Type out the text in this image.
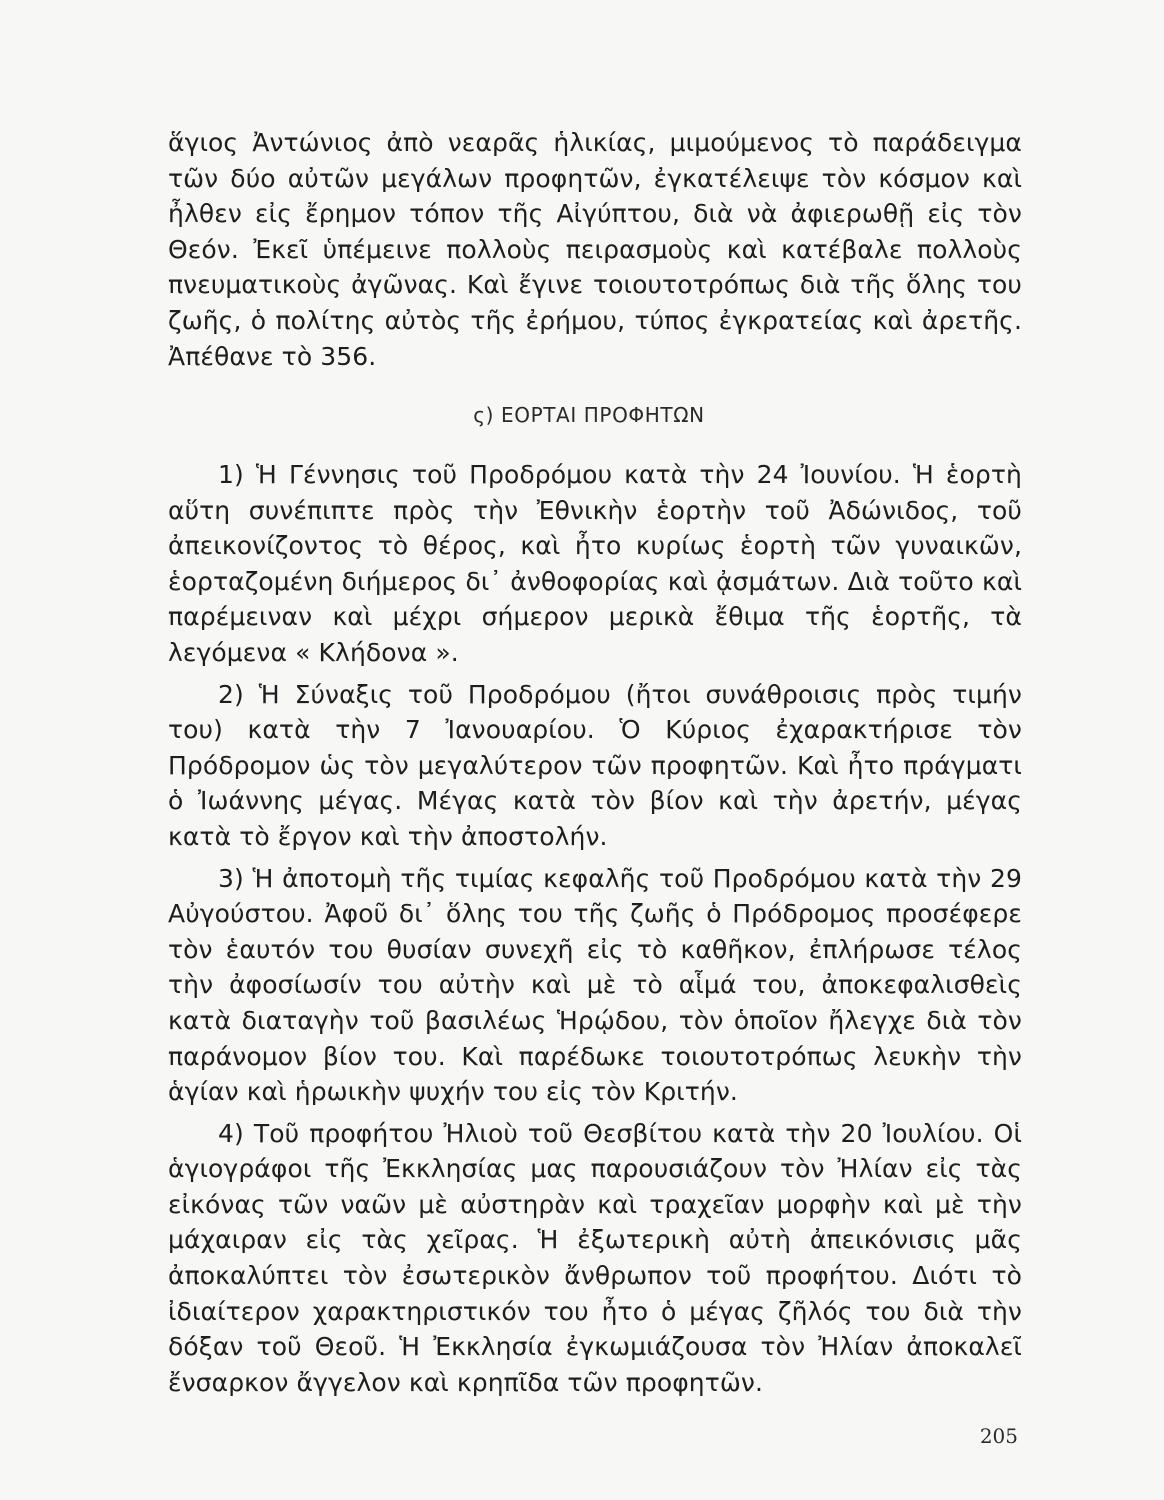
ἅγιος Ἀντώνιος ἀπὸ νεαρᾶς ἡλικίας, μιμούμενος τὸ παράδειγμα τῶν δύο αὐτῶν μεγάλων προφητῶν, ἐγκατέλειψε τὸν κόσμον καὶ ἦλθεν εἰς ἔρημον τόπον τῆς Αἰγύπτου, διὰ νὰ ἀφιερωθῇ εἰς τὸν Θεόν. Ἐκεῖ ὑπέμεινε πολλοὺς πειρασμοὺς καὶ κατέβαλε πολλοὺς πνευματικοὺς ἀγῶνας. Καὶ ἔγινε τοιουτοτρόπως διὰ τῆς ὅλης του ζωῆς, ὁ πολίτης αὐτὸς τῆς ἐρήμου, τύπος ἐγκρατείας καὶ ἀρετῆς. Ἀπέθανε τὸ 356.

ς) ΕΟΡΤΑΙ ΠΡΟΦΗΤΩΝ

1) Ἡ Γέννησις τοῦ Προδρόμου κατὰ τὴν 24 Ἰουνίου. Ἡ ἑορτὴ αὕτη συνέπιπτε πρὸς τὴν Ἐθνικὴν ἑορτὴν τοῦ Ἀδώνιδος, τοῦ ἀπεικονίζοντος τὸ θέρος, καὶ ἦτο κυρίως ἑορτὴ τῶν γυναικῶν, ἑορταζομένη διήμερος δι᾿ ἀνθοφορίας καὶ ᾀσμάτων. Διὰ τοῦτο καὶ παρέμειναν καὶ μέχρι σήμερον μερικὰ ἔθιμα τῆς ἑορτῆς, τὰ λεγόμενα « Κλήδονα ».

2) Ἡ Σύναξις τοῦ Προδρόμου (ἤτοι συνάθροισις πρὸς τιμήν του) κατὰ τὴν 7 Ἰανουαρίου. Ὁ Κύριος ἐχαρακτήρισε τὸν Πρόδρομον ὡς τὸν μεγαλύτερον τῶν προφητῶν. Καὶ ἦτο πράγματι ὁ Ἰωάννης μέγας. Μέγας κατὰ τὸν βίον καὶ τὴν ἀρετήν, μέγας κατὰ τὸ ἔργον καὶ τὴν ἀποστολήν.

3) Ἡ ἀποτομὴ τῆς τιμίας κεφαλῆς τοῦ Προδρόμου κατὰ τὴν 29 Αὐγούστου. Ἀφοῦ δι᾿ ὅλης του τῆς ζωῆς ὁ Πρόδρομος προσέφερε τὸν ἑαυτόν του θυσίαν συνεχῆ εἰς τὸ καθῆκον, ἐπλήρωσε τέλος τὴν ἀφοσίωσίν του αὐτὴν καὶ μὲ τὸ αἷμά του, ἀποκεφαλισθεὶς κατὰ διαταγὴν τοῦ βασιλέως Ἡρῴδου, τὸν ὁποῖον ἤλεγχε διὰ τὸν παράνομον βίον του. Καὶ παρέδωκε τοιουτοτρόπως λευκὴν τὴν ἁγίαν καὶ ἡρωικὴν ψυχήν του εἰς τὸν Κριτήν.

4) Τοῦ προφήτου Ἠλιοὺ τοῦ Θεσβίτου κατὰ τὴν 20 Ἰουλίου. Οἱ ἁγιογράφοι τῆς Ἐκκλησίας μας παρουσιάζουν τὸν Ἠλίαν εἰς τὰς εἰκόνας τῶν ναῶν μὲ αὐστηρὰν καὶ τραχεῖαν μορφὴν καὶ μὲ τὴν μάχαιραν εἰς τὰς χεῖρας. Ἡ ἐξωτερικὴ αὐτὴ ἀπεικόνισις μᾶς ἀποκαλύπτει τὸν ἐσωτερικὸν ἄνθρωπον τοῦ προφήτου. Διότι τὸ ἰδιαίτερον χαρακτηριστικόν του ἦτο ὁ μέγας ζῆλός του διὰ τὴν δόξαν τοῦ Θεοῦ. Ἡ Ἐκκλησία ἐγκωμιάζουσα τὸν Ἠλίαν ἀποκαλεῖ ἔνσαρκον ἄγγελον καὶ κρηπῖδα τῶν προφητῶν.

205
